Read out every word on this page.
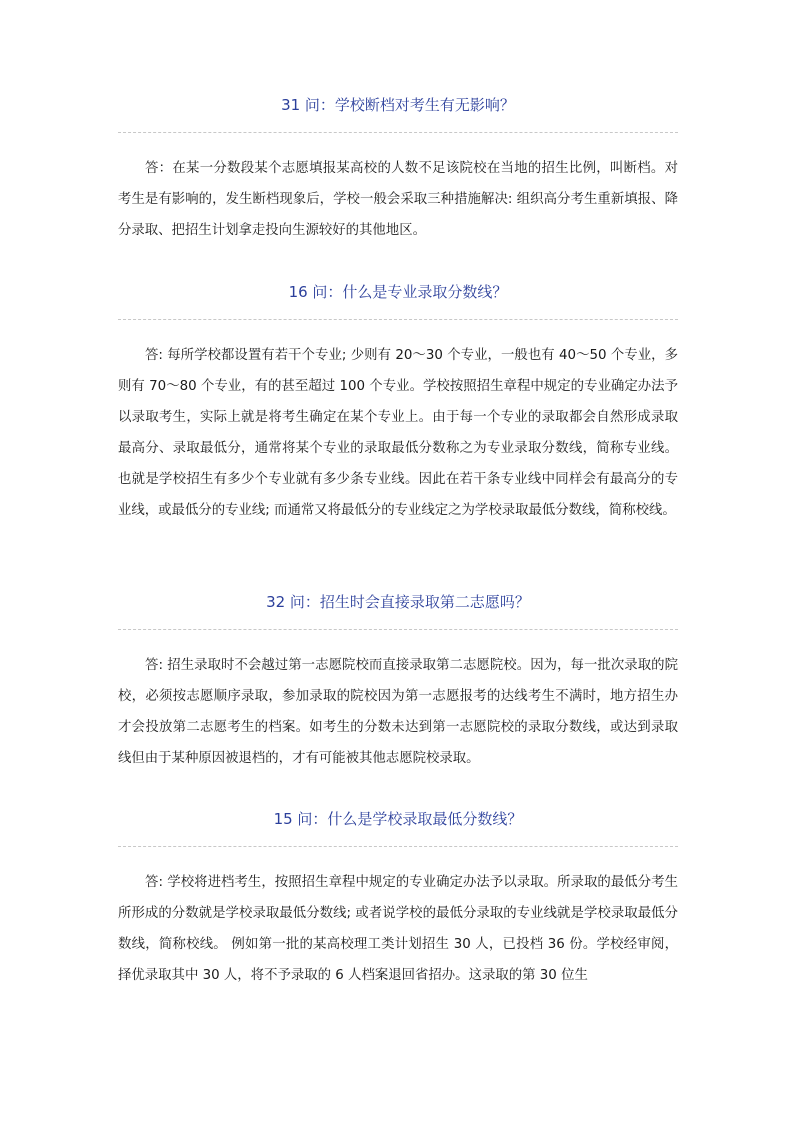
31 问：学校断档对考生有无影响？

答：在某一分数段某个志愿填报某高校的人数不足该院校在当地的招生比例，叫断档。对考生是有影响的，发生断档现象后，学校一般会采取三种措施解决: 组织高分考生重新填报、降分录取、把招生计划拿走投向生源较好的其他地区。

16 问：什么是专业录取分数线？

答: 每所学校都设置有若干个专业; 少则有 20～30 个专业，一般也有 40～50 个专业，多则有 70～80 个专业，有的甚至超过 100 个专业。学校按照招生章程中规定的专业确定办法予以录取考生，实际上就是将考生确定在某个专业上。由于每一个专业的录取都会自然形成录取最高分、录取最低分，通常将某个专业的录取最低分数称之为专业录取分数线，简称专业线。也就是学校招生有多少个专业就有多少条专业线。因此在若干条专业线中同样会有最高分的专业线，或最低分的专业线; 而通常又将最低分的专业线定之为学校录取最低分数线，简称校线。

32 问：招生时会直接录取第二志愿吗？

答: 招生录取时不会越过第一志愿院校而直接录取第二志愿院校。因为，每一批次录取的院校，必须按志愿顺序录取，参加录取的院校因为第一志愿报考的达线考生不满时，地方招生办才会投放第二志愿考生的档案。如考生的分数未达到第一志愿院校的录取分数线，或达到录取线但由于某种原因被退档的，才有可能被其他志愿院校录取。

15 问：什么是学校录取最低分数线？

答: 学校将进档考生，按照招生章程中规定的专业确定办法予以录取。所录取的最低分考生所形成的分数就是学校录取最低分数线; 或者说学校的最低分录取的专业线就是学校录取最低分数线，简称校线。 例如第一批的某高校理工类计划招生 30 人，已投档 36 份。学校经审阅，择优录取其中 30 人，将不予录取的 6 人档案退回省招办。这录取的第 30 位生
